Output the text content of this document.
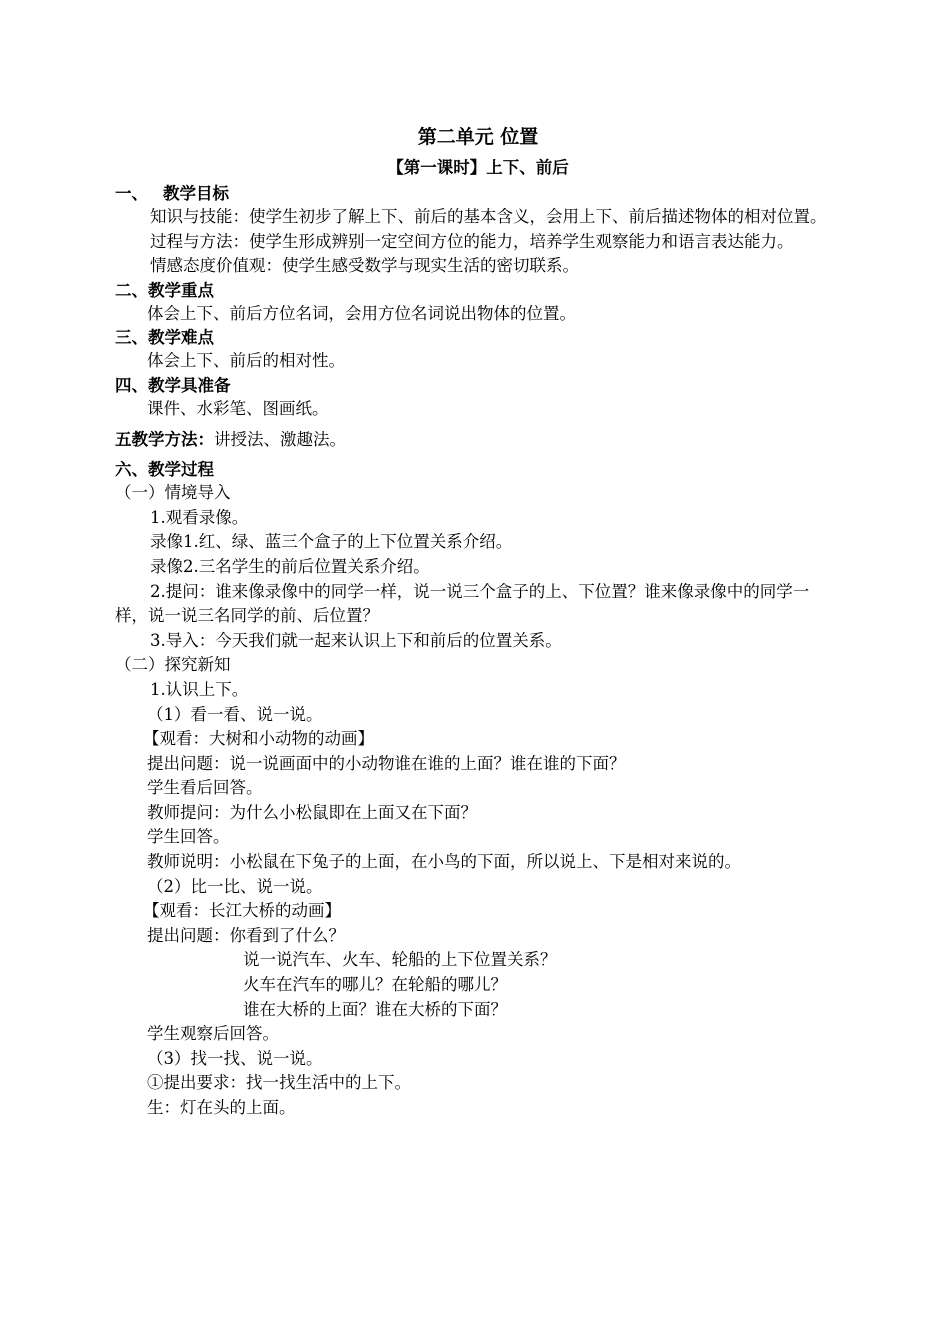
第二单元 位置
【第一课时】上下、前后
一、 教学目标
知识与技能：使学生初步了解上下、前后的基本含义，会用上下、前后描述物体的相对位置。
过程与方法：使学生形成辨别一定空间方位的能力，培养学生观察能力和语言表达能力。
情感态度价值观：使学生感受数学与现实生活的密切联系。
二、教学重点
体会上下、前后方位名词，会用方位名词说出物体的位置。
三、教学难点
体会上下、前后的相对性。
四、教学具准备
课件、水彩笔、图画纸。
五教学方法：讲授法、激趣法。
六、教学过程
（一）情境导入
1.观看录像。
录像1.红、绿、蓝三个盒子的上下位置关系介绍。
录像2.三名学生的前后位置关系介绍。
2.提问：谁来像录像中的同学一样，说一说三个盒子的上、下位置？谁来像录像中的同学一样，说一说三名同学的前、后位置？
3.导入：今天我们就一起来认识上下和前后的位置关系。
（二）探究新知
1.认识上下。
（1）看一看、说一说。
【观看：大树和小动物的动画】
提出问题：说一说画面中的小动物谁在谁的上面？谁在谁的下面？
学生看后回答。
教师提问：为什么小松鼠即在上面又在下面？
学生回答。
教师说明：小松鼠在下兔子的上面，在小鸟的下面，所以说上、下是相对来说的。
（2）比一比、说一说。
【观看：长江大桥的动画】
提出问题：你看到了什么？
说一说汽车、火车、轮船的上下位置关系？
火车在汽车的哪儿？在轮船的哪儿？
谁在大桥的上面？谁在大桥的下面？
学生观察后回答。
（3）找一找、说一说。
①提出要求：找一找生活中的上下。
生：灯在头的上面。
